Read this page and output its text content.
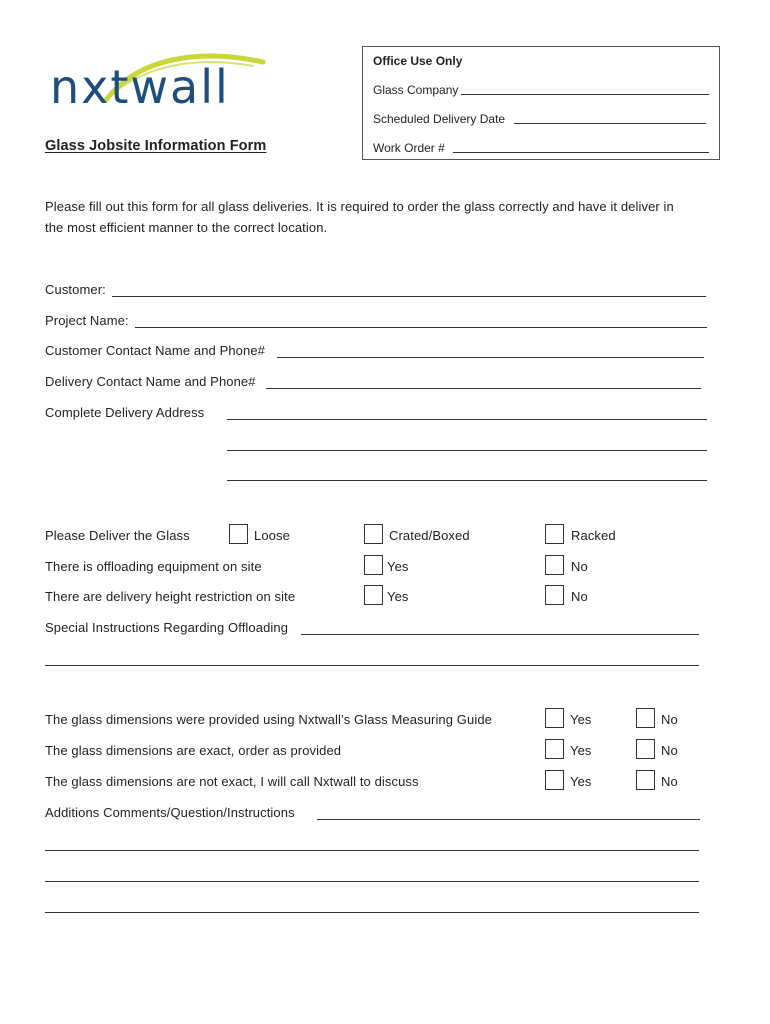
nxtwall
Glass Jobsite Information Form
Office Use Only
Glass Company
Scheduled Delivery Date
Work Order #
Please fill out this form for all glass deliveries. It is required to order the glass correctly and have it deliver in
the most efficient manner to the correct location.
Customer:
Project Name:
Customer Contact Name and Phone#
Delivery Contact Name and Phone#
Complete Delivery Address
Please Deliver the Glass	Loose	Crated/Boxed	Racked
There is offloading equipment on site	Yes	No
There are delivery height restriction on site	Yes	No
Special Instructions Regarding Offloading
The glass dimensions were provided using Nxtwall’s Glass Measuring Guide	Yes	No
The glass dimensions are exact, order as provided	Yes	No
The glass dimensions are not exact, I will call Nxtwall to discuss	Yes	No
Additions Comments/Question/Instructions
